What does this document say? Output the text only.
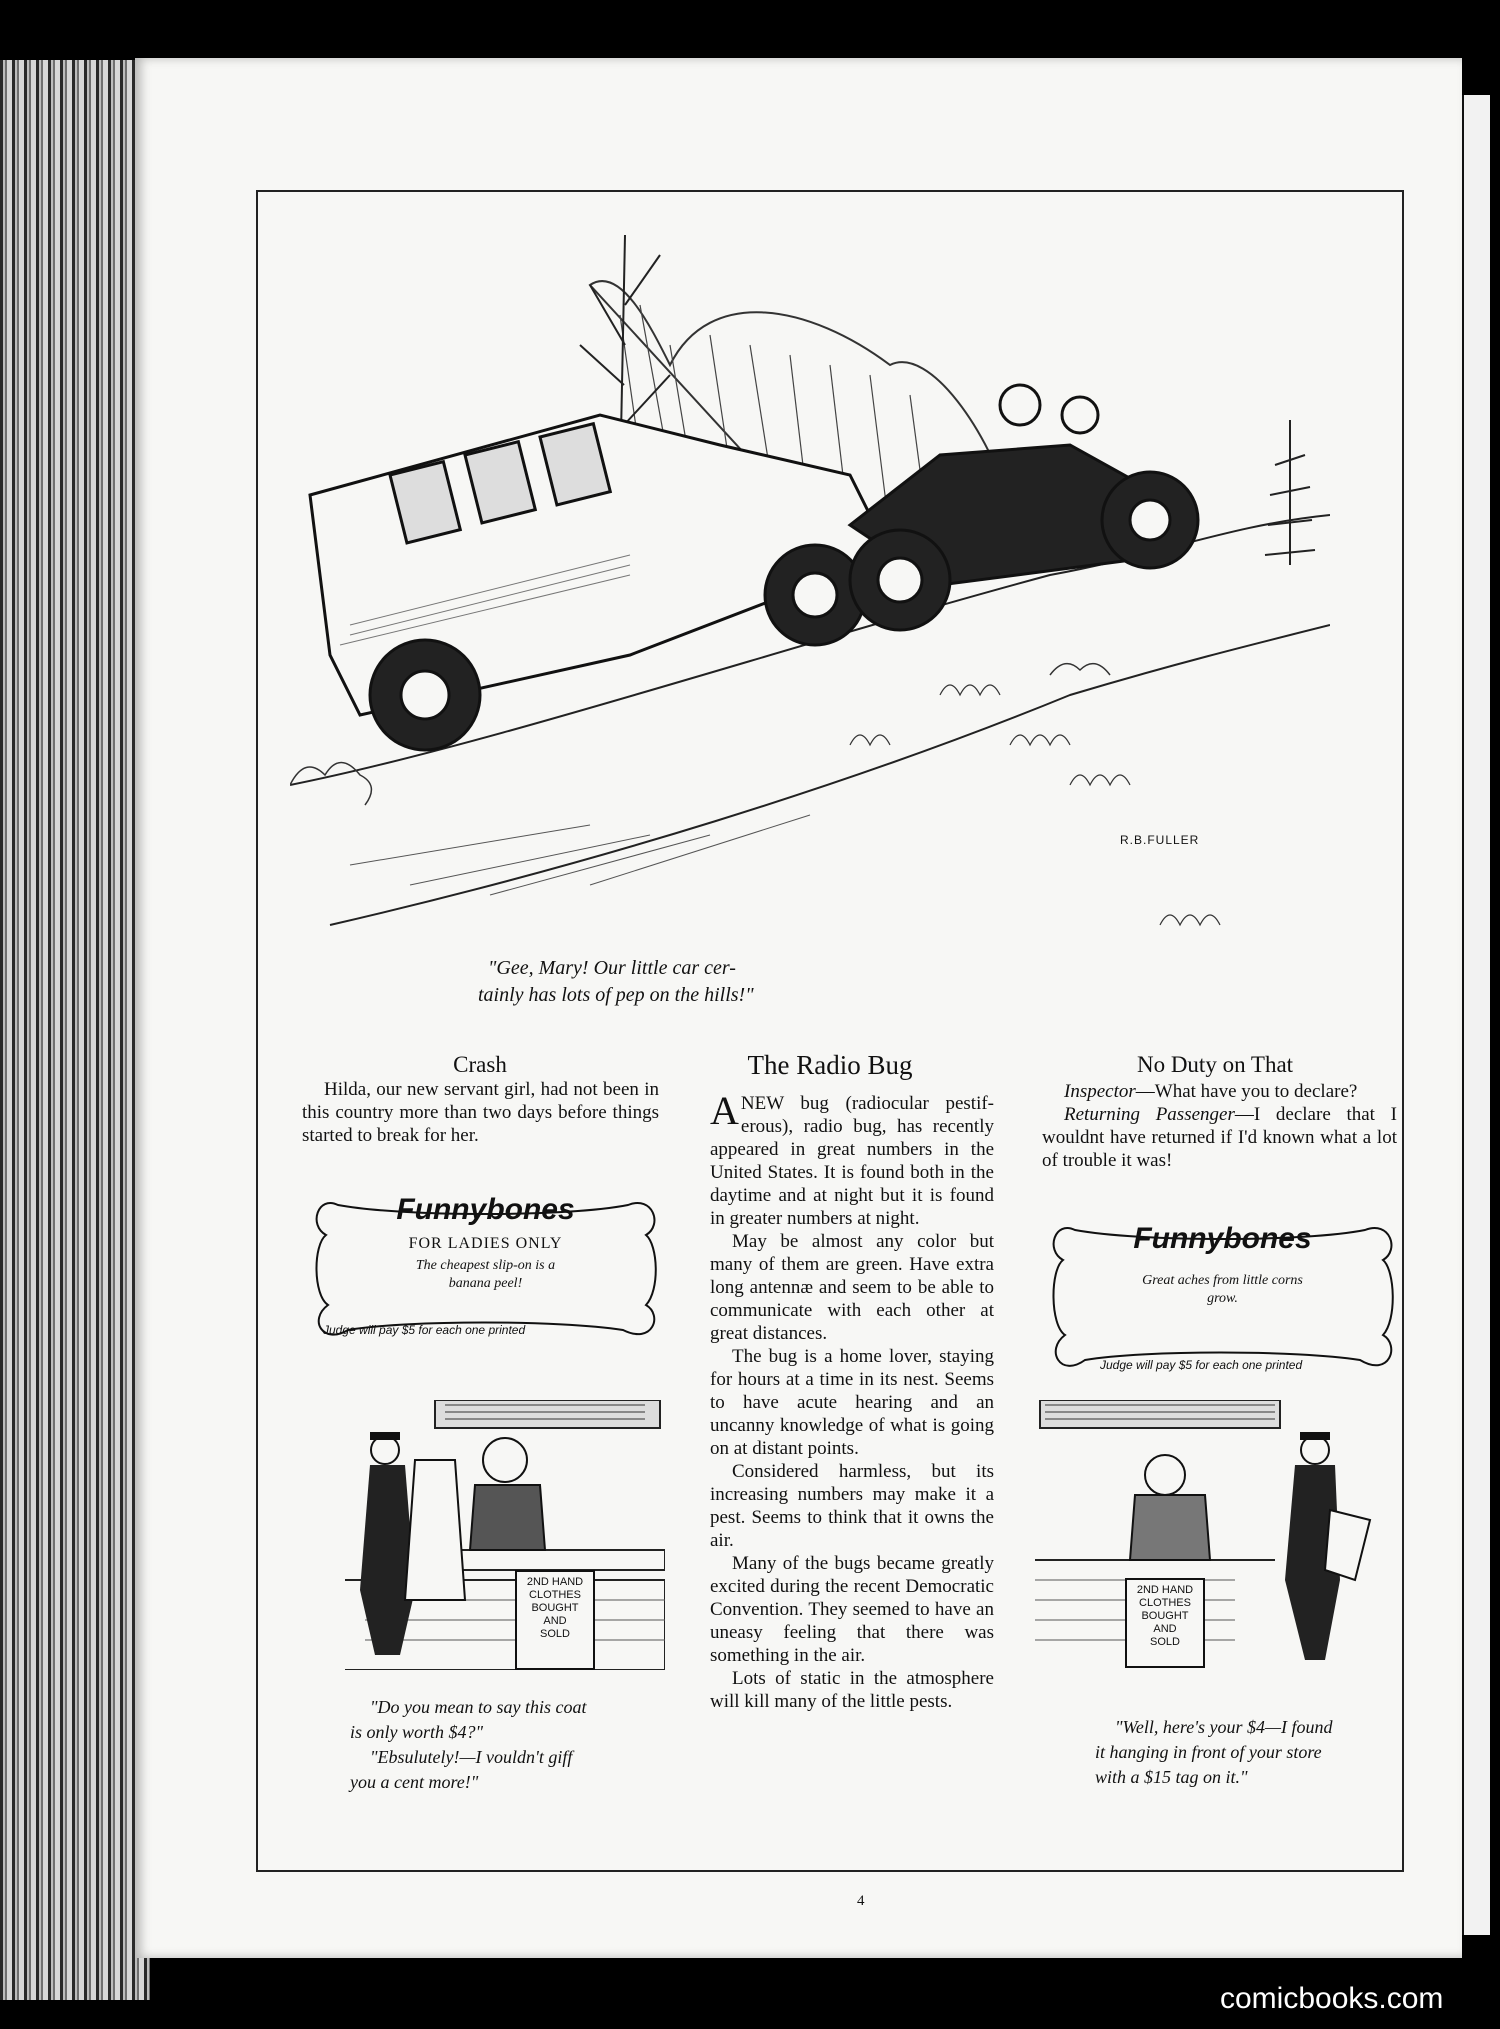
R.B.FULLER
"Gee, Mary! Our little car cer-
tainly has lots of pep on the hills!"
Crash

Hilda, our new servant girl, had not been in this country more than two days before things started to break for her.

Funnybones
FOR LADIES ONLY
The cheapest slip-on is a
banana peel!
Judge will pay $5 for each one printed
2ND HAND
CLOTHES
BOUGHT
AND
SOLD

"Do you mean to say this coat

is only worth $4?"

"Ebsulutely!—I vouldn't giff

you a cent more!"

The Radio Bug

ANEW bug (radiocular pestif-erous), radio bug, has recently appeared in great numbers in the United States. It is found both in the daytime and at night but it is found in greater numbers at night.

May be almost any color but many of them are green. Have extra long antennæ and seem to be able to communicate with each other at great distances.

The bug is a home lover, staying for hours at a time in its nest. Seems to have acute hearing and an uncanny knowledge of what is going on at distant points.

Considered harmless, but its increasing numbers may make it a pest. Seems to think that it owns the air.

Many of the bugs became greatly excited during the recent Democratic Convention. They seemed to have an uneasy feeling that there was something in the air.

Lots of static in the atmosphere will kill many of the little pests.

No Duty on That

Inspector—What have you to declare?

Returning Passenger—I declare that I wouldnt have returned if I'd known what a lot of trouble it was!

Funnybones
Great aches from little corns
grow.
Judge will pay $5 for each one printed
2ND HAND
CLOTHES
BOUGHT
AND
SOLD

"Well, here's your $4—I found

it hanging in front of your store

with a $15 tag on it."

4
comicbooks.com
